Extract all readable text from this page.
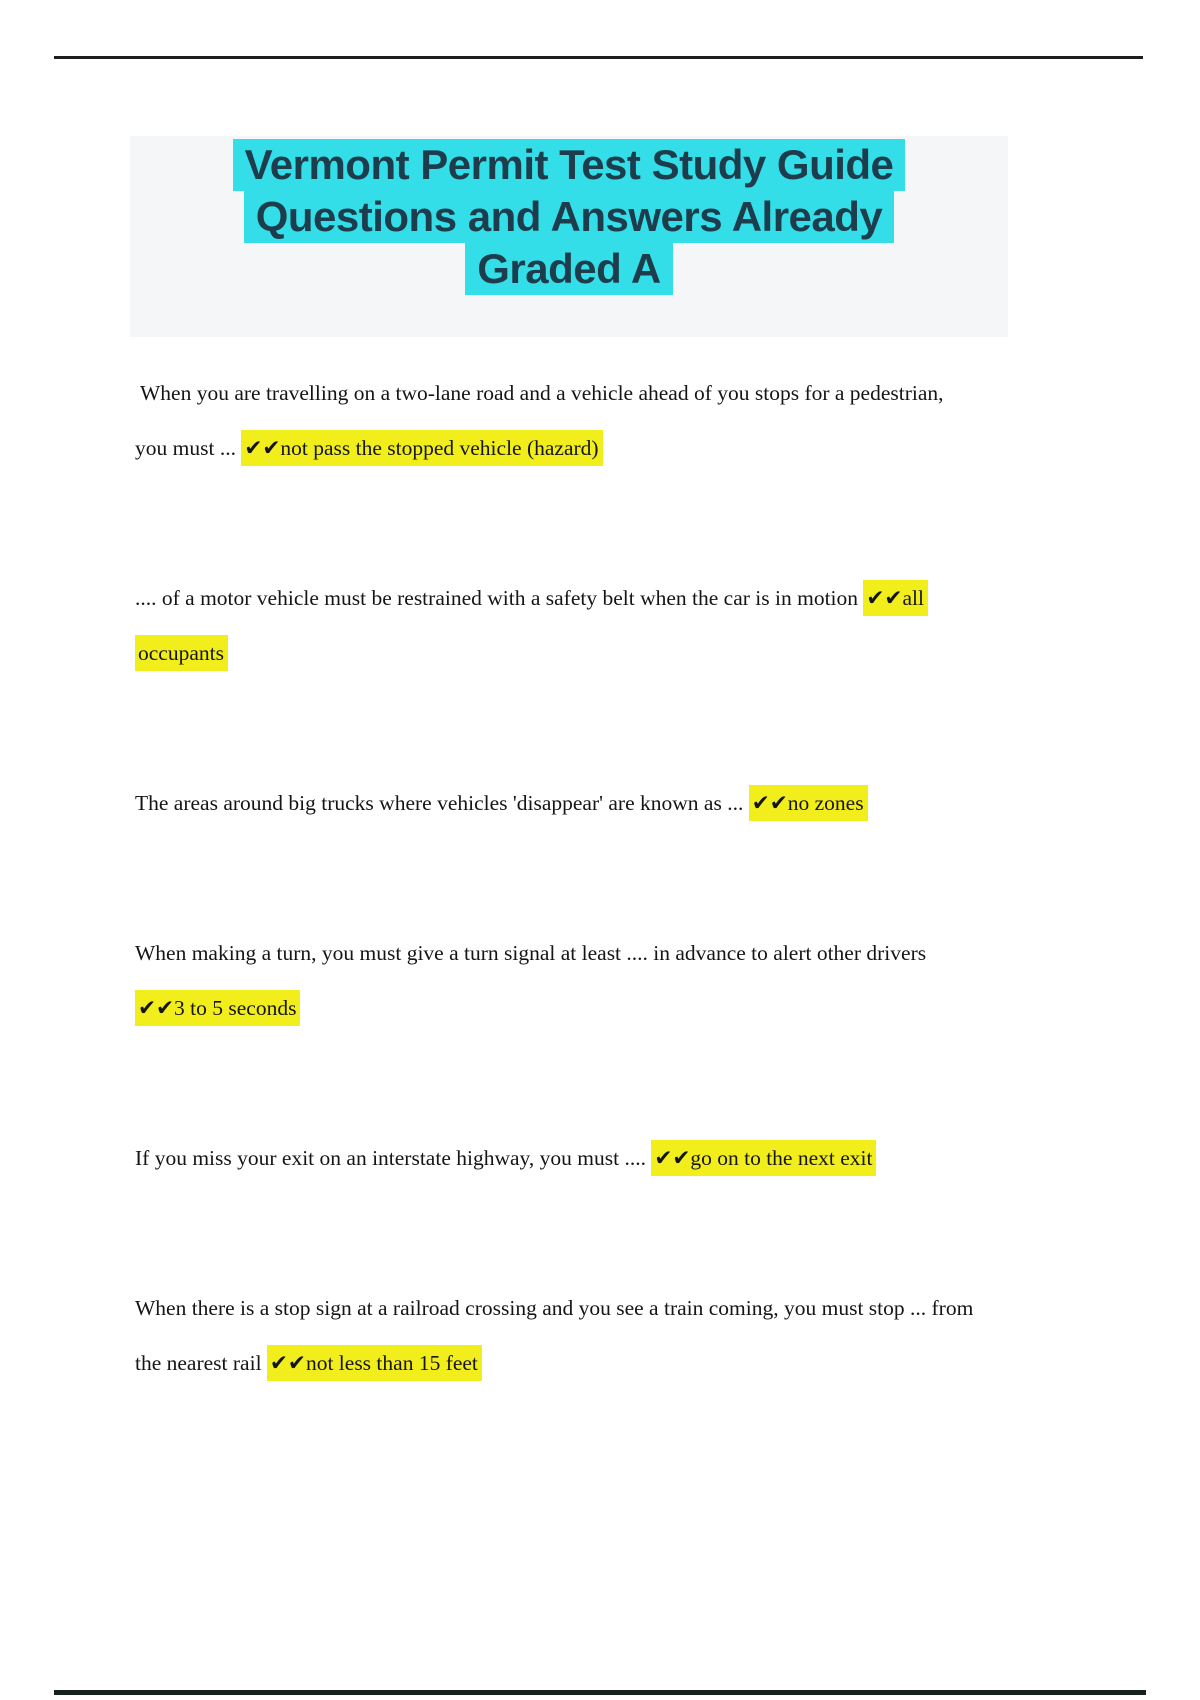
Vermont Permit Test Study Guide
Questions and Answers Already
Graded A
When you are travelling on a two-lane road and a vehicle ahead of you stops for a pedestrian,
you must ... ✔✔not pass the stopped vehicle (hazard)
.... of a motor vehicle must be restrained with a safety belt when the car is in motion ✔✔all
occupants
The areas around big trucks where vehicles 'disappear' are known as ... ✔✔no zones
When making a turn, you must give a turn signal at least .... in advance to alert other drivers
✔✔3 to 5 seconds
If you miss your exit on an interstate highway, you must .... ✔✔go on to the next exit
When there is a stop sign at a railroad crossing and you see a train coming, you must stop ... from
the nearest rail ✔✔not less than 15 feet
